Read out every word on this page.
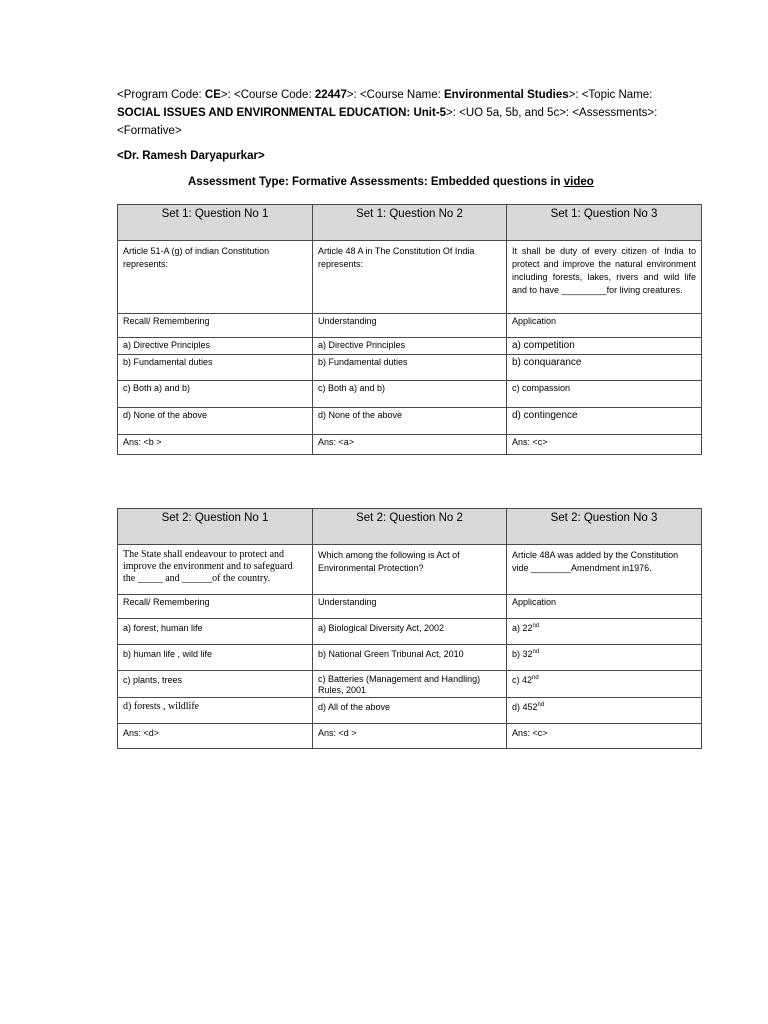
<Program Code: CE>: <Course Code: 22447>: <Course Name: Environmental Studies>: <Topic Name:
SOCIAL ISSUES AND ENVIRONMENTAL EDUCATION: Unit-5>: <UO 5a, 5b, and 5c>: <Assessments>:
<Formative>
<Dr. Ramesh Daryapurkar>
Assessment Type: Formative Assessments: Embedded questions in video
Set 1: Question No 1	Set 1: Question No 2	Set 1: Question No 3
Article 51-A (g) of indian Constitution represents:	Article 48 A in The Constitution Of India represents:	It shall be duty of every citizen of India to protect and improve the natural environment including forests, lakes, rivers and wild life and to have _________for living creatures.
Recall/ Remembering	Understanding	Application
a) Directive Principles	a) Directive Principles	a) competition
b) Fundamental duties	b) Fundamental duties	b) conquarance
c) Both a) and b)	c) Both a) and b)	c) compassion
d) None of the above	d) None of the above	d) contingence
Ans: <b >	Ans: <a>	Ans: <c>
Set 2: Question No 1	Set 2: Question No 2	Set 2: Question No 3
The State shall endeavour to protect and improve the environment and to safeguard the _____ and ______of the country.	Which among the following is Act of Environmental Protection?	Article 48A was added by the Constitution vide ________Amendment in1976.
Recall/ Remembering	Understanding	Application
a) forest, human life	a) Biological Diversity Act, 2002	a) 22nd
b) human life , wild life	b) National Green Tribunal Act, 2010	b) 32nd
c) plants, trees	c) Batteries (Management and Handling) Rules, 2001	c) 42nd
d) forests , wildlife	d) All of the above	d) 452nd
Ans: <d>	Ans: <d >	Ans: <c>
